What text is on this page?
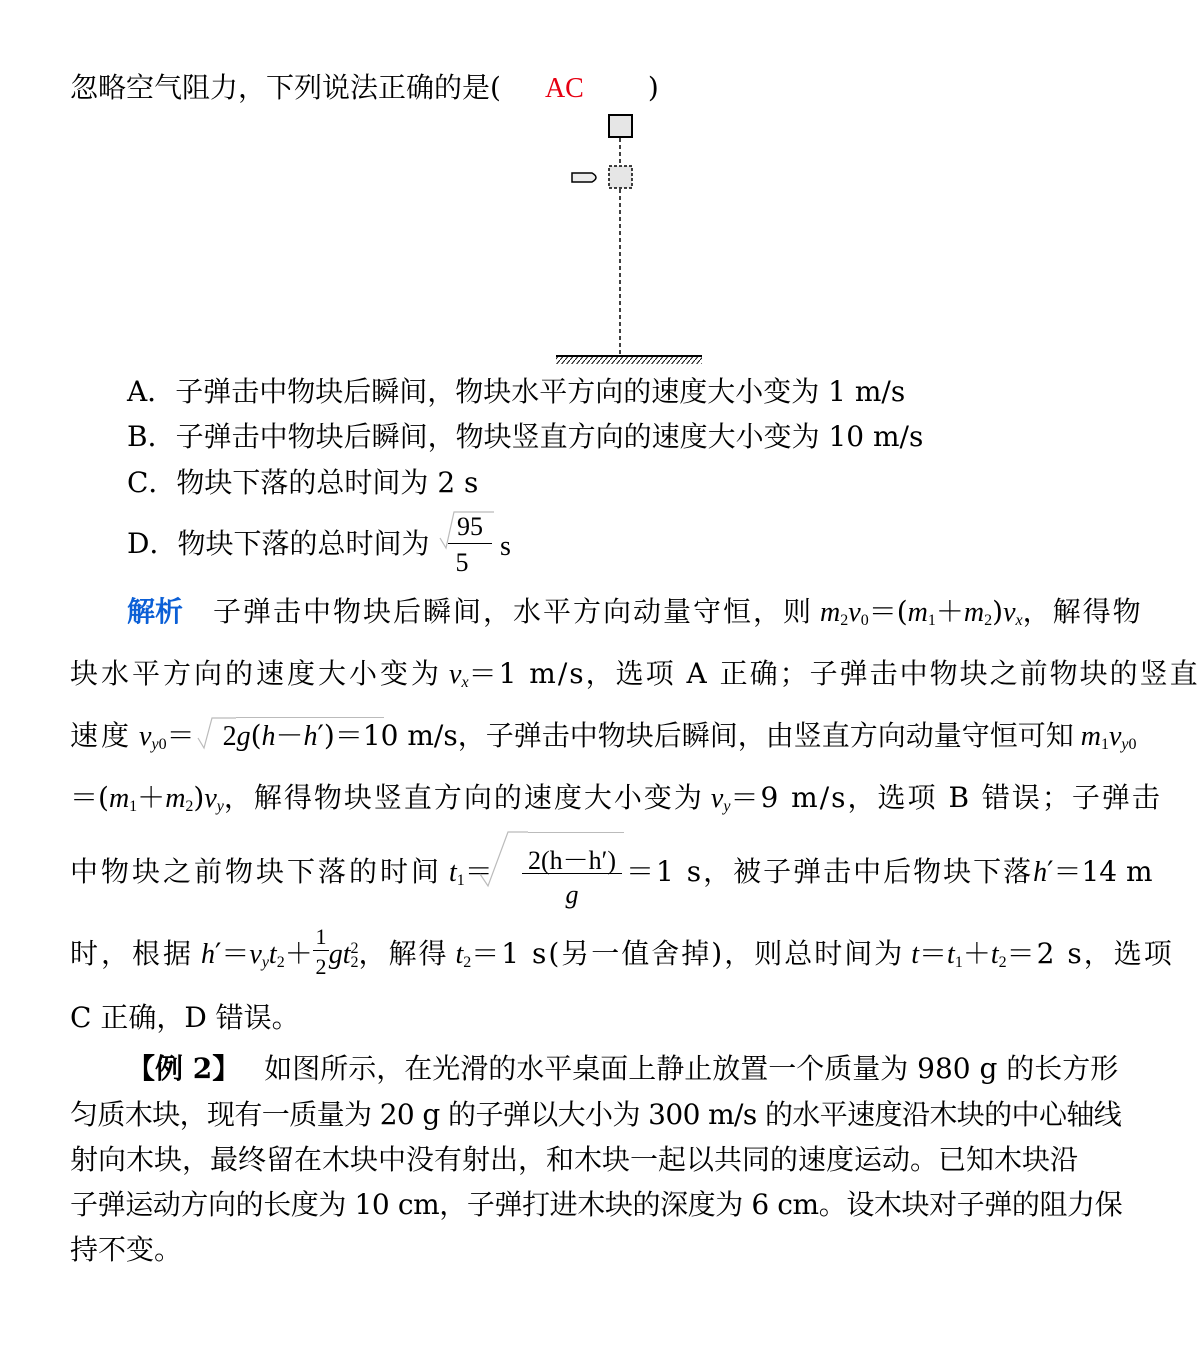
忽略空气阻力，下列说法正确的是( AC )
A．子弹击中物块后瞬间，物块水平方向的速度大小变为 1 m/s
B．子弹击中物块后瞬间，物块竖直方向的速度大小变为 10 m/s
C．物块下落的总时间为 2 s
D．物块下落的总时间为
95
5
s
解析 子弹击中物块后瞬间，水平方向动量守恒，则 $m_2v_0=(m_1+m_2)v_x$，解得物
块水平方向的速度大小变为 $v_x=1$ m/s，选项 A 正确；子弹击中物块之前物块的竖直
速度 $v_{y0}= 2g(h-h')=10$ m/s，子弹击中物块后瞬间，由竖直方向动量守恒可知 $m_1v_{y0}$
$=(m_1+m_2)v_y$，解得物块竖直方向的速度大小变为 $v_y=9$ m/s，选项 B 错误；子弹击
中物块之前物块下落的时间 $t_1=$	2(h－h′)
g
＝1 s，被子弹击中后物块下落h′＝14 m
时，根据 $h'=v_yt_2+ gt^2_2$，解得 $t_2=1$ s(另一值舍掉)，则总时间为 $t=t_1+t_2=2$ s，选项
1
2
C 正确，D 错误。
【例 2】 如图所示，在光滑的水平桌面上静止放置一个质量为 980 g 的长方形
匀质木块，现有一质量为 20 g 的子弹以大小为 300 m/s 的水平速度沿木块的中心轴线
射向木块，最终留在木块中没有射出，和木块一起以共同的速度运动。已知木块沿
子弹运动方向的长度为 10 cm，子弹打进木块的深度为 6 cm。设木块对子弹的阻力保
持不变。
